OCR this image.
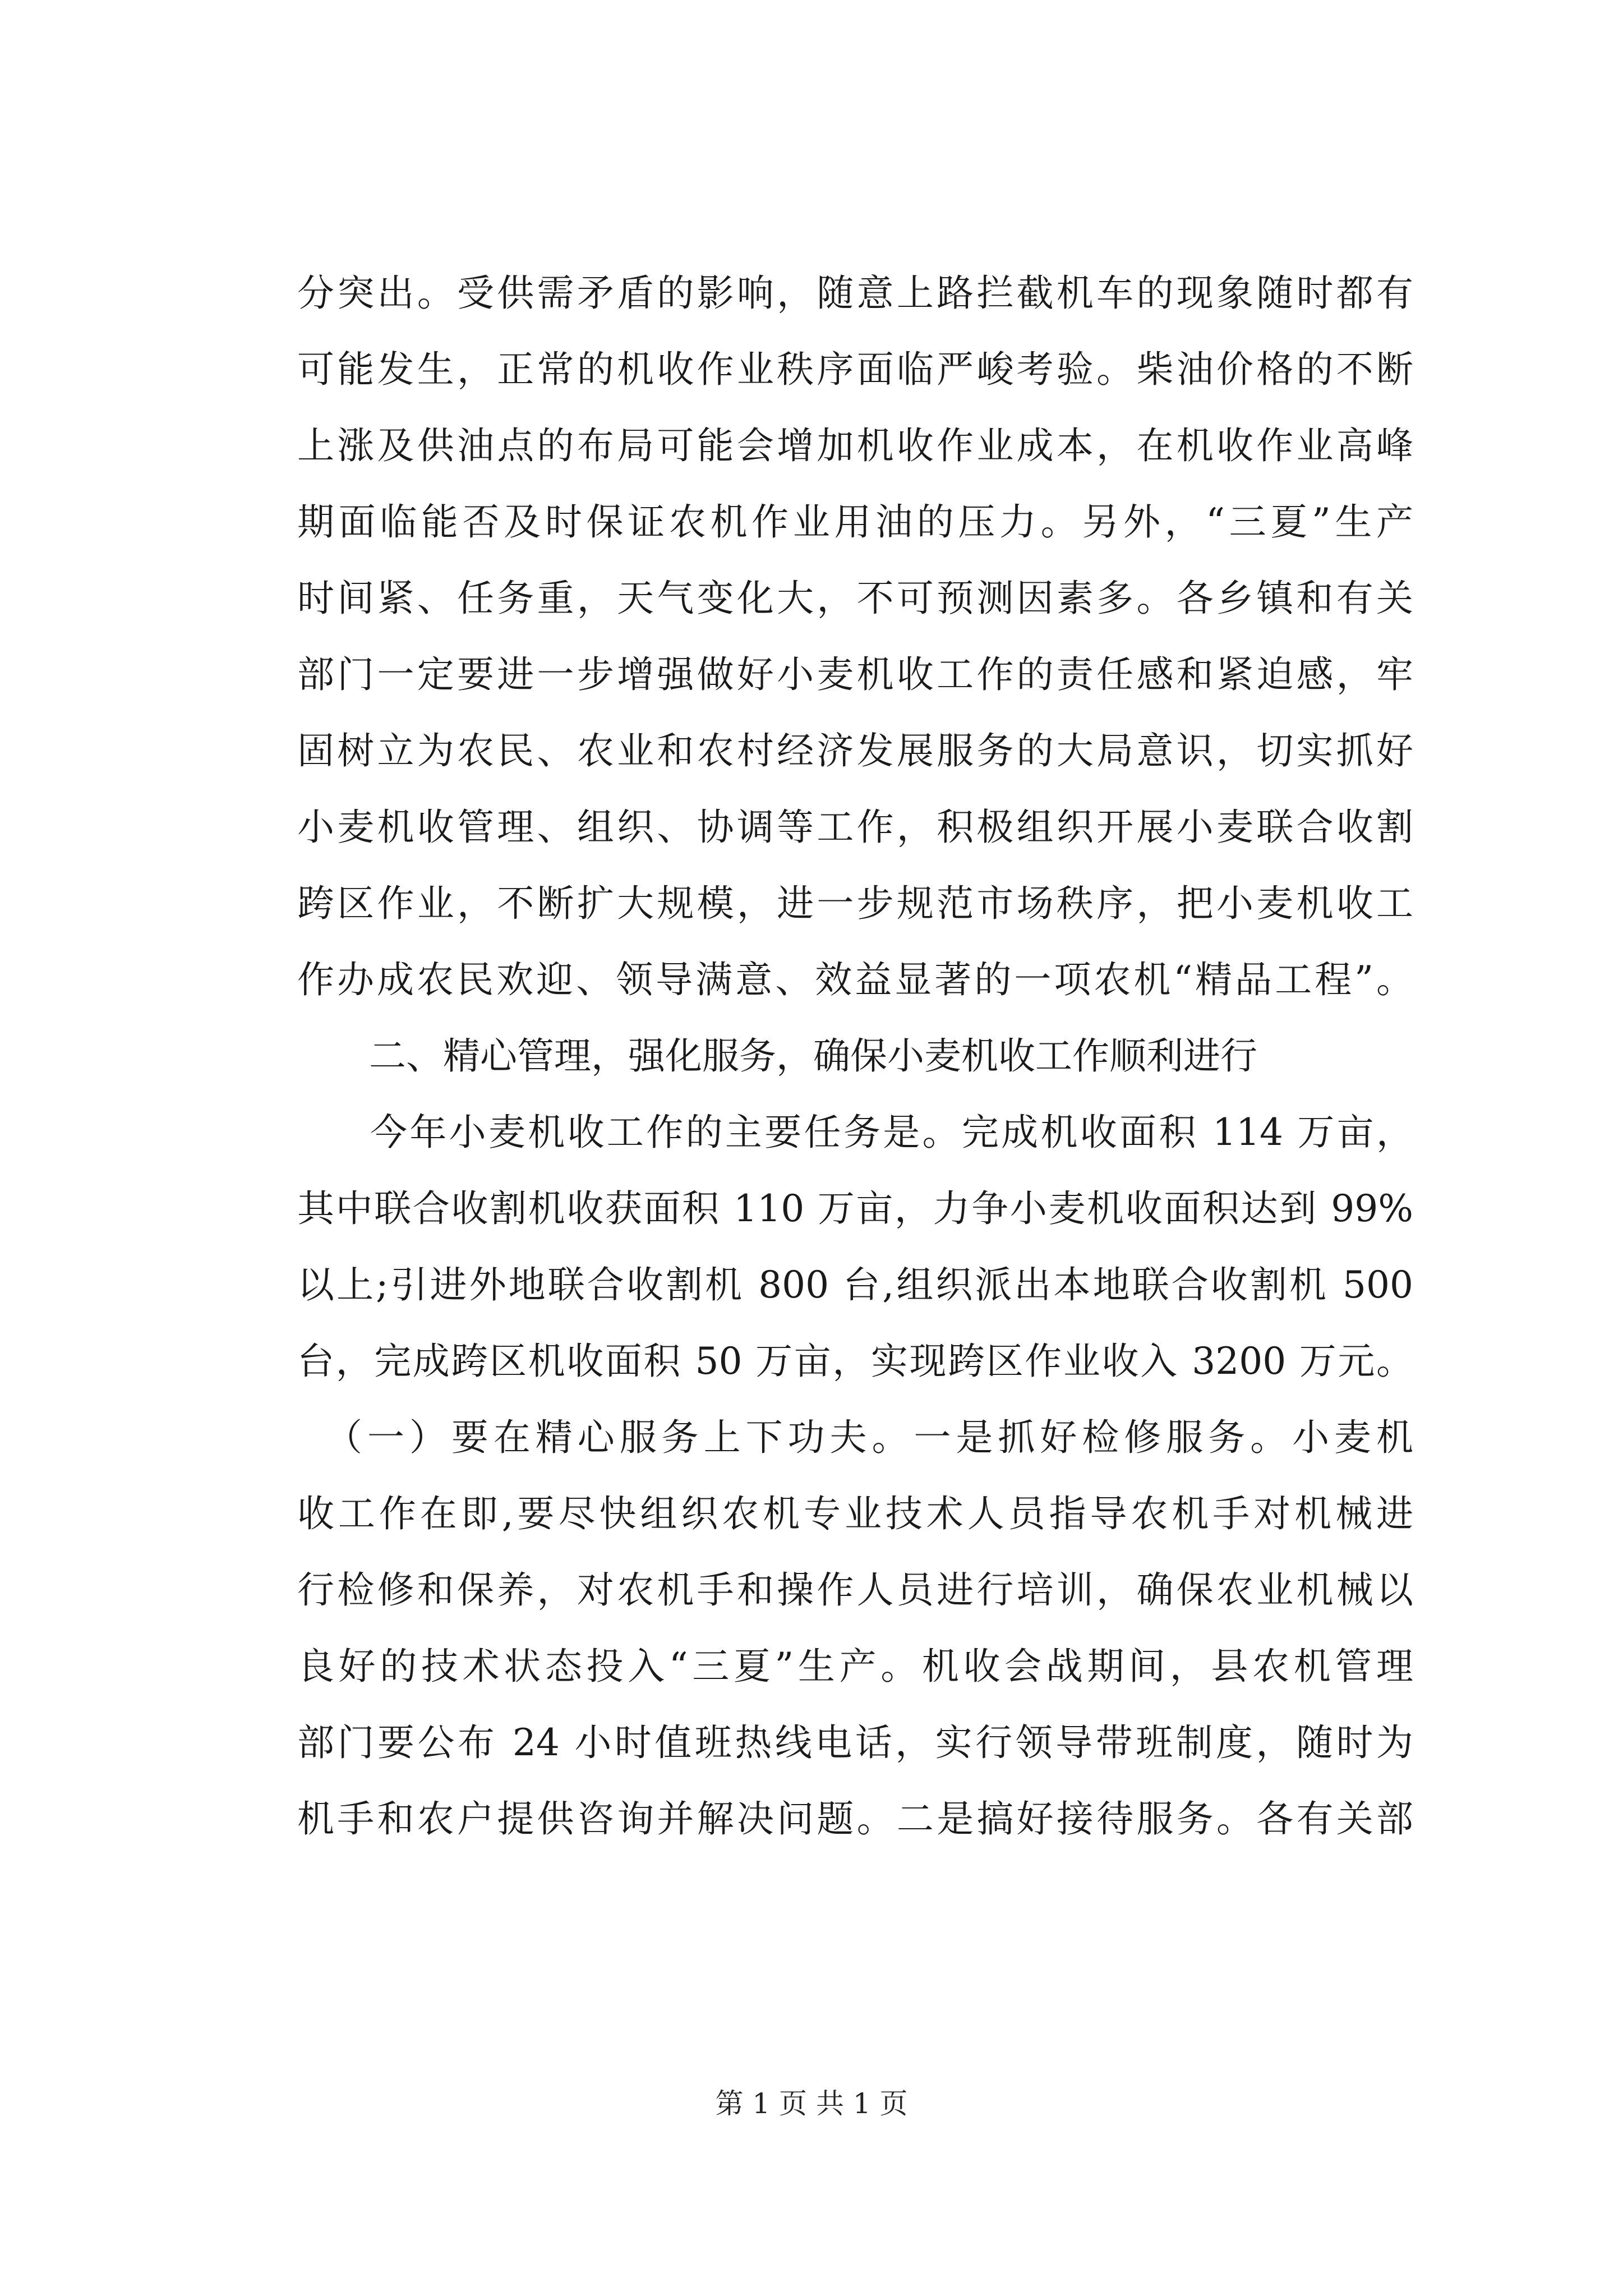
分突出。受供需矛盾的影响，随意上路拦截机车的现象随时都有
可能发生，正常的机收作业秩序面临严峻考验。柴油价格的不断
上涨及供油点的布局可能会增加机收作业成本，在机收作业高峰
期面临能否及时保证农机作业用油的压力。另外，“三夏”生产
时间紧、任务重，天气变化大，不可预测因素多。各乡镇和有关
部门一定要进一步增强做好小麦机收工作的责任感和紧迫感，牢
固树立为农民、农业和农村经济发展服务的大局意识，切实抓好
小麦机收管理、组织、协调等工作，积极组织开展小麦联合收割
跨区作业，不断扩大规模，进一步规范市场秩序，把小麦机收工
作办成农民欢迎、领导满意、效益显著的一项农机“精品工程”。
二、精心管理，强化服务，确保小麦机收工作顺利进行
今年小麦机收工作的主要任务是。完成机收面积 114 万亩，
其中联合收割机收获面积 110 万亩，力争小麦机收面积达到 99%
以上;引进外地联合收割机 800 台,组织派出本地联合收割机 500
台，完成跨区机收面积 50 万亩，实现跨区作业收入 3200 万元。
（一）要在精心服务上下功夫。一是抓好检修服务。小麦机
收工作在即,要尽快组织农机专业技术人员指导农机手对机械进
行检修和保养，对农机手和操作人员进行培训，确保农业机械以
良好的技术状态投入“三夏”生产。机收会战期间，县农机管理
部门要公布 24 小时值班热线电话，实行领导带班制度，随时为
机手和农户提供咨询并解决问题。二是搞好接待服务。各有关部
第 1 页 共 1 页
